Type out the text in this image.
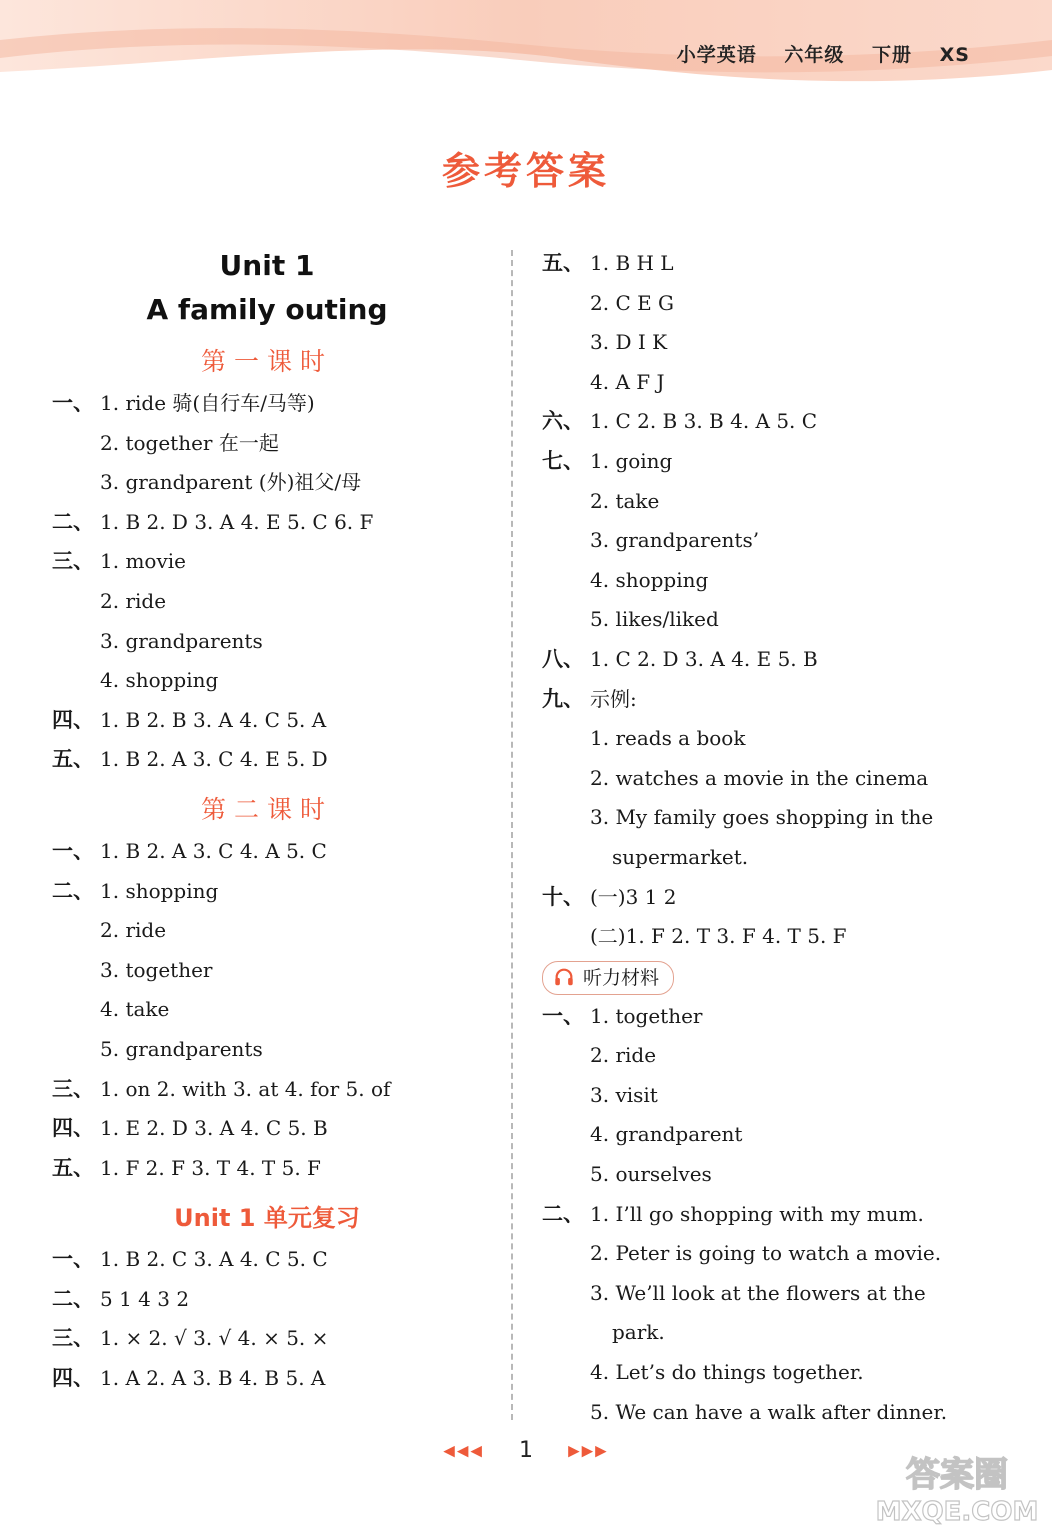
小学英语 六年级 下册 XS
参考答案
Unit 1
A family outing
第一课时
一、 1. ride 骑(自行车/马等)
2. together 在一起
3. grandparent (外)祖父/母
二、 1. B 2. D 3. A 4. E 5. C 6. F
三、 1. movie
2. ride
3. grandparents
4. shopping
四、 1. B 2. B 3. A 4. C 5. A
五、 1. B 2. A 3. C 4. E 5. D
第二课时
一、 1. B 2. A 3. C 4. A 5. C
二、 1. shopping
2. ride
3. together
4. take
5. grandparents
三、 1. on 2. with 3. at 4. for 5. of
四、 1. E 2. D 3. A 4. C 5. B
五、 1. F 2. F 3. T 4. T 5. F
Unit 1 单元复习
一、 1. B 2. C 3. A 4. C 5. C
二、 5 1 4 3 2
三、 1. × 2. √ 3. √ 4. × 5. ×
四、 1. A 2. A 3. B 4. B 5. A
五、 1. B H L
2. C E G
3. D I K
4. A F J
六、 1. C 2. B 3. B 4. A 5. C
七、 1. going
2. take
3. grandparents’
4. shopping
5. likes/liked
八、 1. C 2. D 3. A 4. E 5. B
九、 示例:
1. reads a book
2. watches a movie in the cinema
3. My family goes shopping in the
supermarket.
十、 (一)3 1 2
(二)1. F 2. T 3. F 4. T 5. F
听力材料
一、 1. together
2. ride
3. visit
4. grandparent
5. ourselves
二、 1. I’ll go shopping with my mum.
2. Peter is going to watch a movie.
3. We’ll look at the flowers at the
park.
4. Let’s do things together.
5. We can have a walk after dinner.
◀◀◀ 1 ▶▶▶
答案圈
MXQE.COM
